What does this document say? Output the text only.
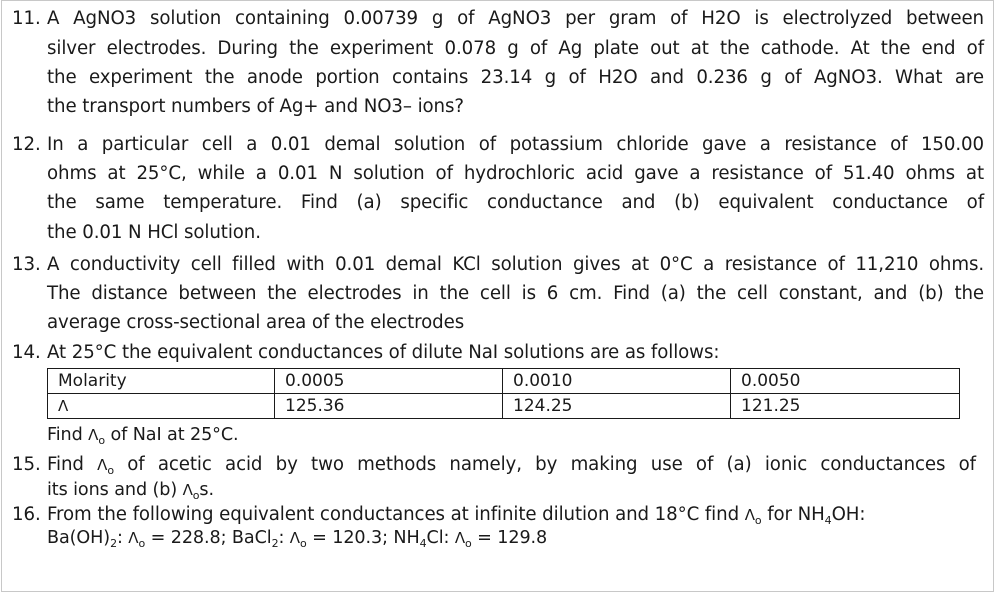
11. A AgNO3 solution containing 0.00739 g of AgNO3 per gram of H2O is electrolyzed between
silver electrodes. During the experiment 0.078 g of Ag plate out at the cathode. At the end of
the experiment the anode portion contains 23.14 g of H2O and 0.236 g of AgNO3. What are
the transport numbers of Ag+ and NO3– ions?
12. In a particular cell a 0.01 demal solution of potassium chloride gave a resistance of 150.00
ohms at 25°C, while a 0.01 N solution of hydrochloric acid gave a resistance of 51.40 ohms at
the same temperature. Find (a) specific conductance and (b) equivalent conductance of
the 0.01 N HCl solution.
13. A conductivity cell filled with 0.01 demal KCl solution gives at 0°C a resistance of 11,210 ohms.
The distance between the electrodes in the cell is 6 cm. Find (a) the cell constant, and (b) the
average cross-sectional area of the electrodes
14. At 25°C the equivalent conductances of dilute NaI solutions are as follows:
Molarity	0.0005	0.0010	0.0050
Λ	125.36	124.25	121.25
Find $\Lambda_o$ of NaI at 25°C.
15. Find $\Lambda_o$ of acetic acid by two methods namely, by making use of (a) ionic conductances of
its ions and (b) $\Lambda_os$.
16. From the following equivalent conductances at infinite dilution and 18°C find $\Lambda_o$ for $NH_4OH$:
$Ba(OH)_2$: $\Lambda_o = 228.8$; BaCl$_2$: $\Lambda_o = 120.3$; $NH_4Cl$: $\Lambda_o = 129.8$
